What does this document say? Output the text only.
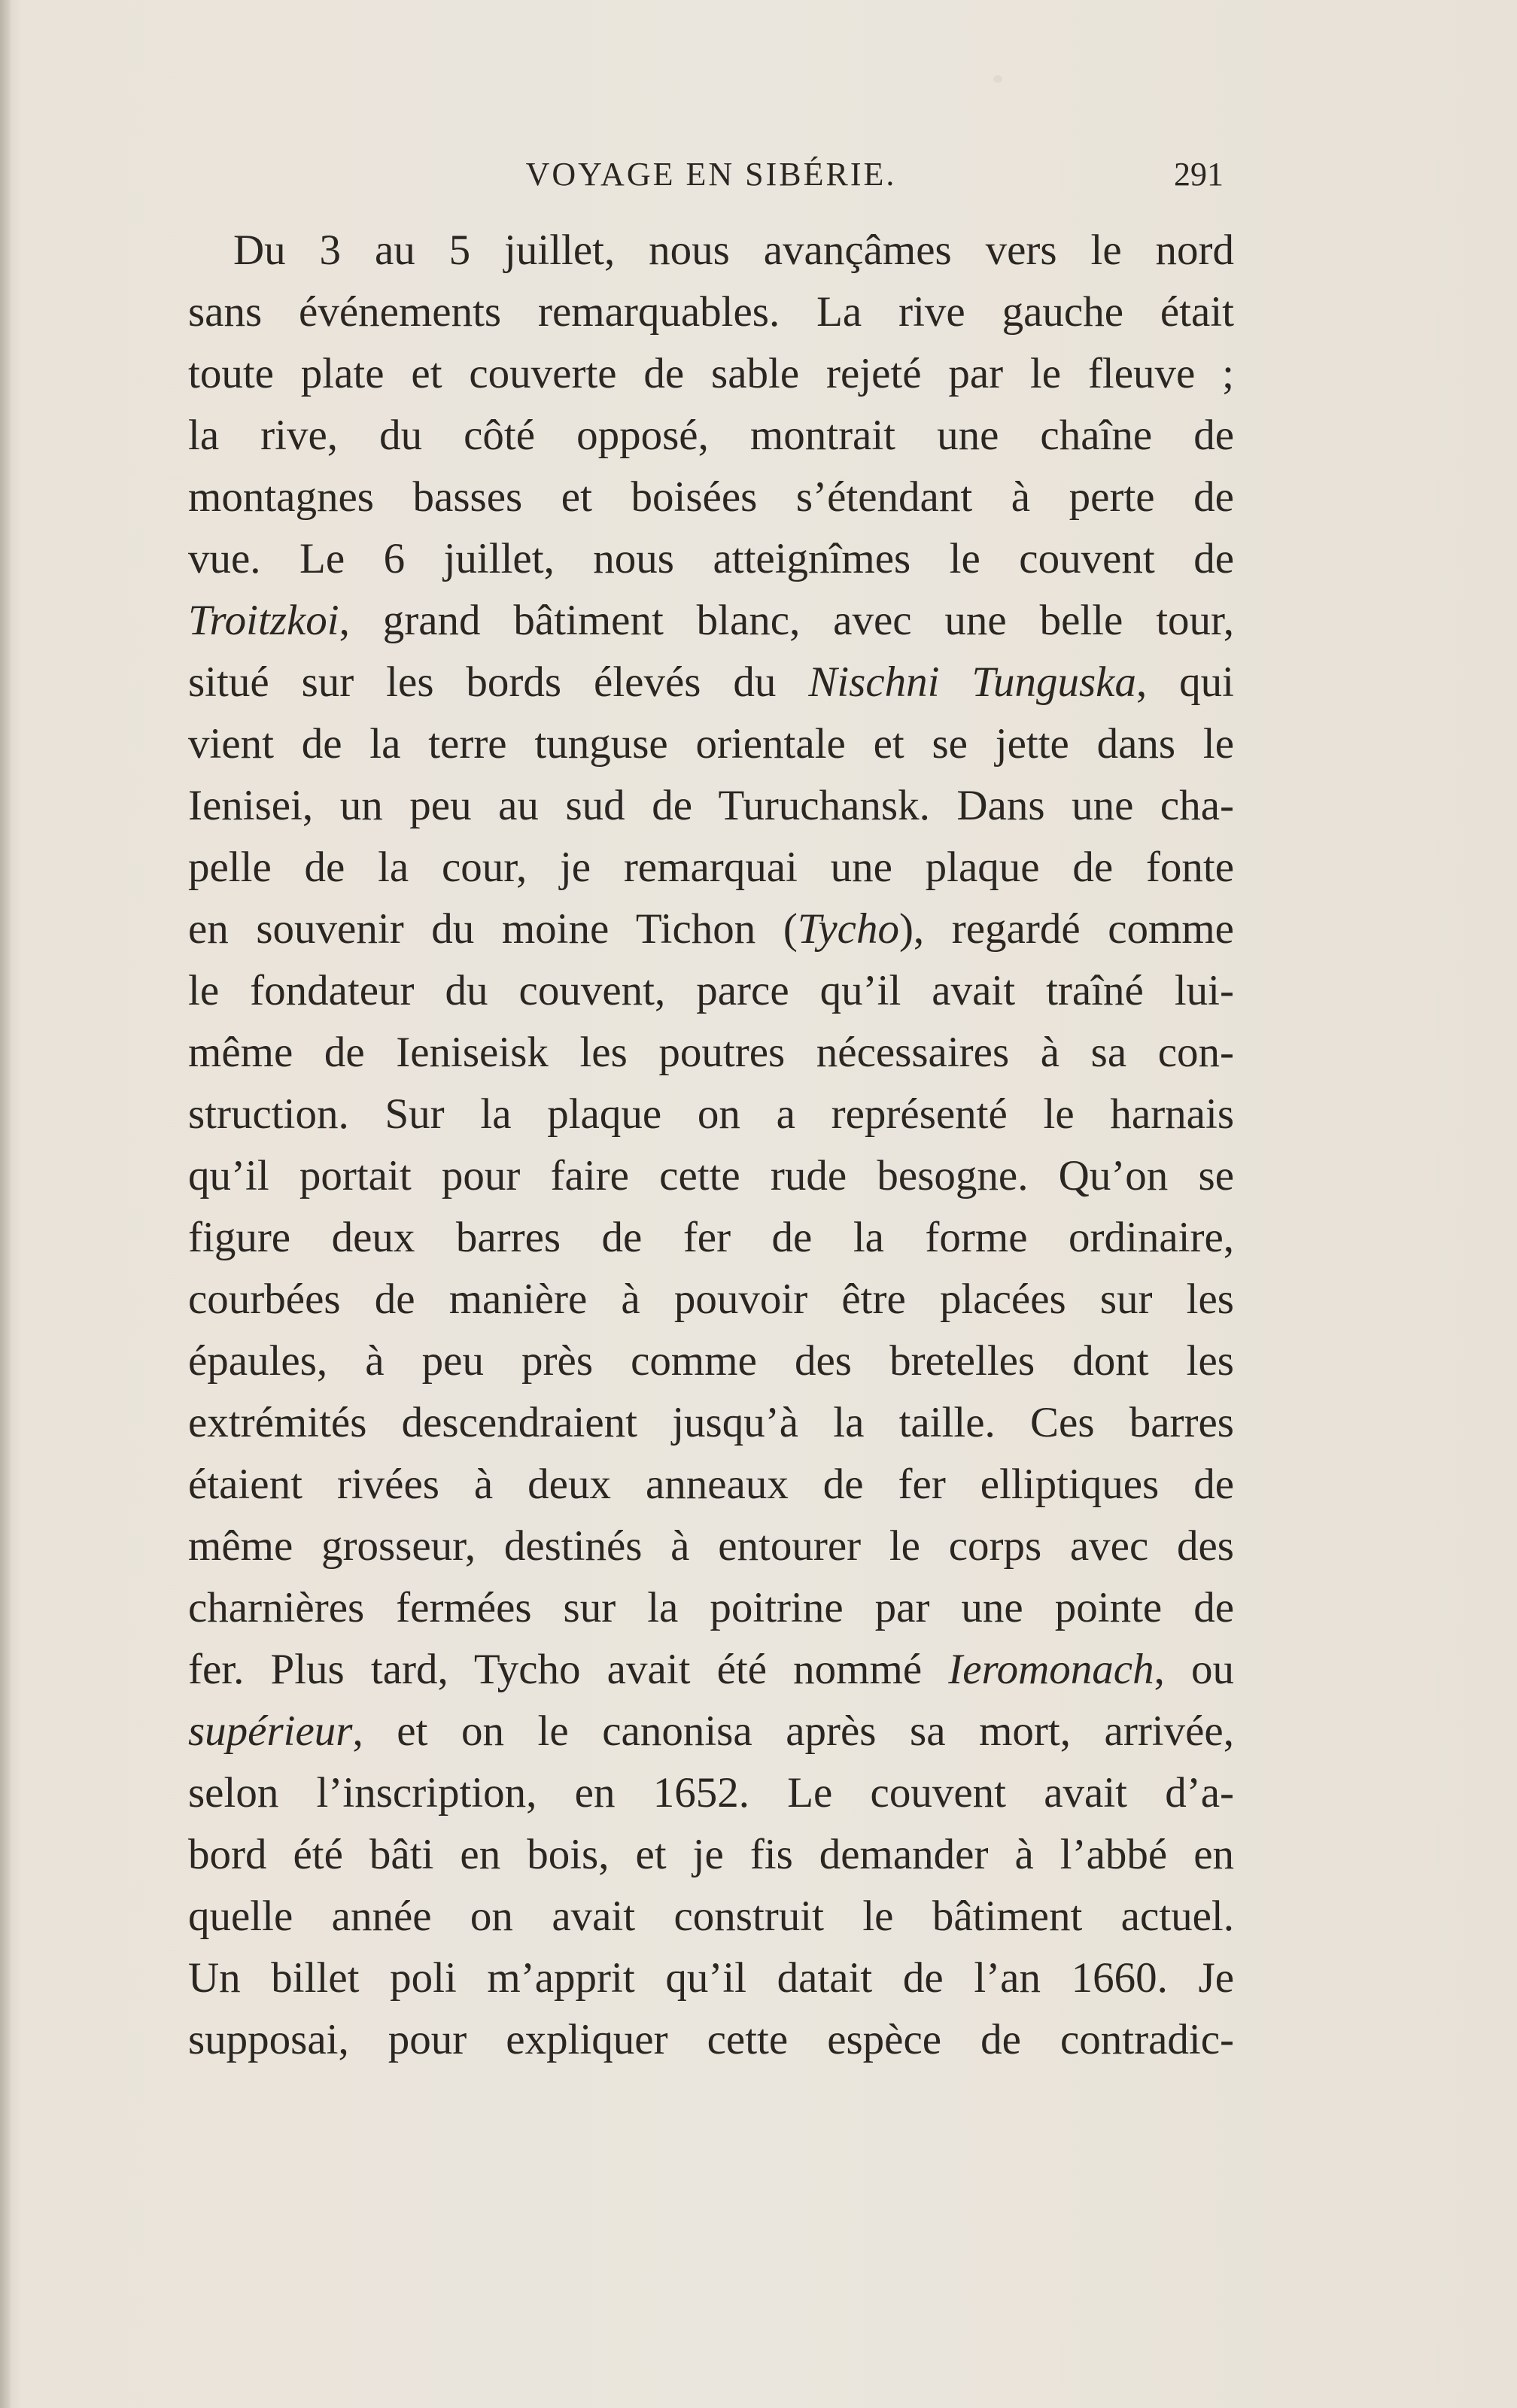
VOYAGE EN SIBÉRIE.	291
Du 3 au 5 juillet, nous avançâmes vers le nord
sans événements remarquables. La rive gauche était
toute plate et couverte de sable rejeté par le fleuve ;
la rive, du côté opposé, montrait une chaîne de
montagnes basses et boisées s’étendant à perte de
vue. Le 6 juillet, nous atteignîmes le couvent de
Troitzkoi, grand bâtiment blanc, avec une belle tour,
situé sur les bords élevés du Nischni Tunguska, qui
vient de la terre tunguse orientale et se jette dans le
Ienisei, un peu au sud de Turuchansk. Dans une cha-
pelle de la cour, je remarquai une plaque de fonte
en souvenir du moine Tichon (Tycho), regardé comme
le fondateur du couvent, parce qu’il avait traîné lui-
même de Ieniseisk les poutres nécessaires à sa con-
struction. Sur la plaque on a représenté le harnais
qu’il portait pour faire cette rude besogne. Qu’on se
figure deux barres de fer de la forme ordinaire,
courbées de manière à pouvoir être placées sur les
épaules, à peu près comme des bretelles dont les
extrémités descendraient jusqu’à la taille. Ces barres
étaient rivées à deux anneaux de fer elliptiques de
même grosseur, destinés à entourer le corps avec des
charnières fermées sur la poitrine par une pointe de
fer. Plus tard, Tycho avait été nommé Ieromonach, ou
supérieur, et on le canonisa après sa mort, arrivée,
selon l’inscription, en 1652. Le couvent avait d’a-
bord été bâti en bois, et je fis demander à l’abbé en
quelle année on avait construit le bâtiment actuel.
Un billet poli m’apprit qu’il datait de l’an 1660. Je
supposai, pour expliquer cette espèce de contradic-
